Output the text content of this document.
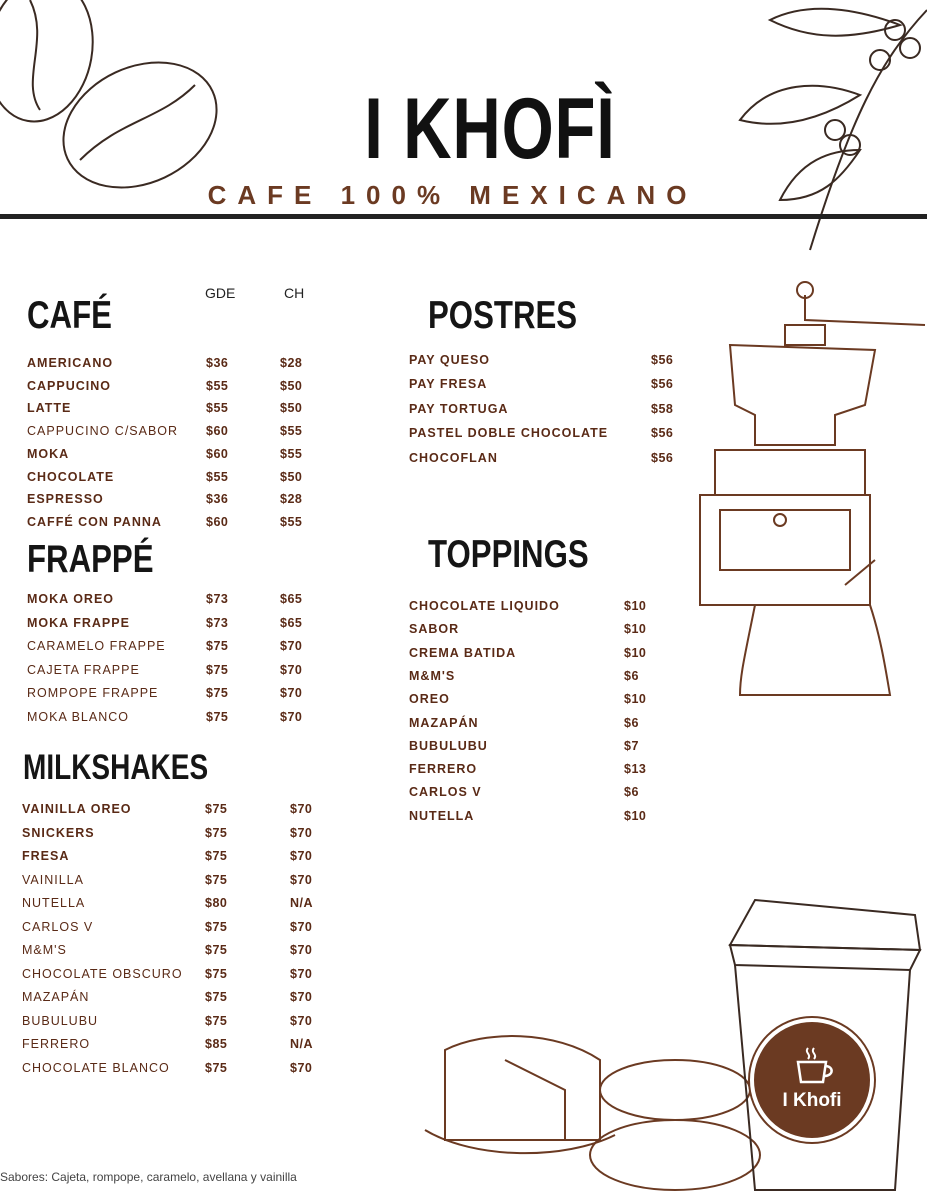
I KHOFÌ
CAFE 100% MEXICANO
CAFÉ
GDE	CH
AMERICANO	$36	$28
CAPPUCINO	$55	$50
LATTE	$55	$50
CAPPUCINO C/SABOR $60	$55
MOKA	$60	$55
CHOCOLATE	$55	$50
ESPRESSO	$36	$28
CAFFÉ CON PANNA	$60	$55
FRAPPÉ
MOKA OREO	$73	$65
MOKA FRAPPE	$73	$65
CARAMELO FRAPPE	$75	$70
CAJETA FRAPPE	$75	$70
ROMPOPE FRAPPE	$75	$70
MOKA BLANCO	$75	$70
MILKSHAKES
VAINILLA OREO	$75	$70
SNICKERS	$75	$70
FRESA	$75	$70
VAINILLA	$75	$70
NUTELLA	$80	N/A
CARLOS V	$75	$70
M&M'S	$75	$70
CHOCOLATE OBSCURO $75	$70
MAZAPÁN	$75	$70
BUBULUBU	$75	$70
FERRERO	$85	N/A
CHOCOLATE BLANCO	$75	$70
POSTRES
PAY QUESO	$56
PAY FRESA	$56
PAY TORTUGA	$58
PASTEL DOBLE CHOCOLATE	$56
CHOCOFLAN	$56
TOPPINGS
CHOCOLATE LIQUIDO	$10
SABOR	$10
CREMA BATIDA	$10
M&M'S	$6
OREO	$10
MAZAPÁN	$6
BUBULUBU	$7
FERRERO	$13
CARLOS V	$6
NUTELLA	$10
I Khofi
Sabores: Cajeta, rompope, caramelo, avellana y vainilla
